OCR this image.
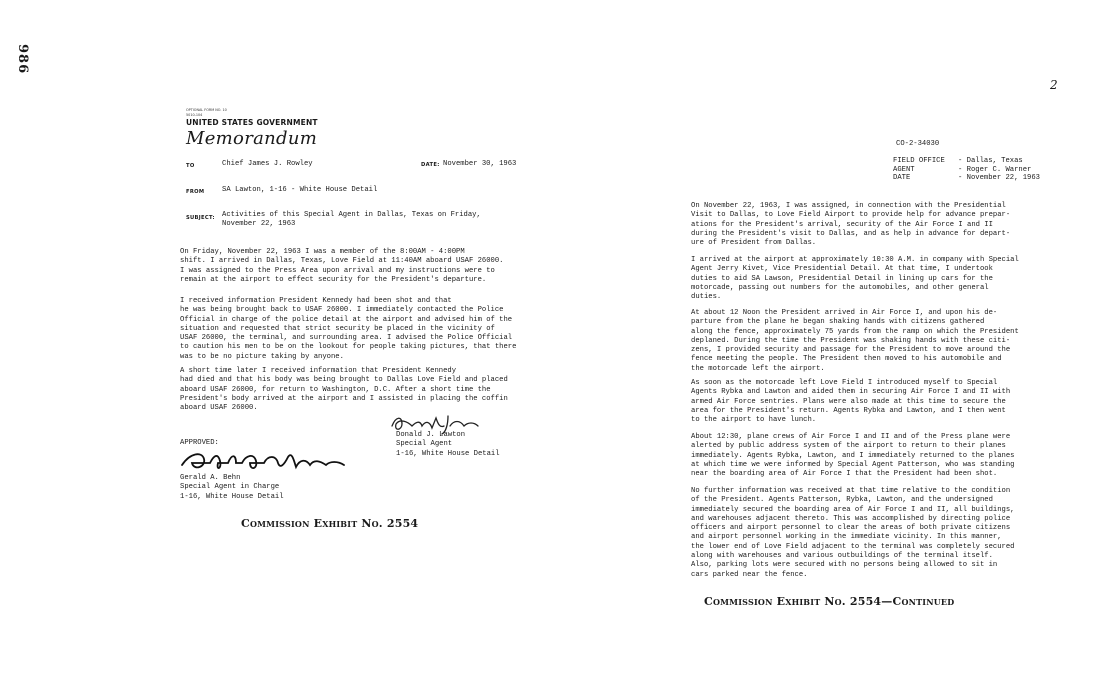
986
2
OPTIONAL FORM NO. 10
5010-104
UNITED STATES GOVERNMENT
Memorandum
TO	Chief James J. Rowley	DATE: November 30, 1963
FROM SA Lawton, 1-16 - White House Detail
SUBJECT: Activities of this Special Agent in Dallas, Texas on Friday,
November 22, 1963
On Friday, November 22, 1963 I was a member of the 8:00AM - 4:00PM
shift. I arrived in Dallas, Texas, Love Field at 11:40AM aboard USAF 26000.
I was assigned to the Press Area upon arrival and my instructions were to
remain at the airport to effect security for the President's departure.
I received information President Kennedy had been shot and that
he was being brought back to USAF 26000. I immediately contacted the Police
Official in charge of the police detail at the airport and advised him of the
situation and requested that strict security be placed in the vicinity of
USAF 26000, the terminal, and surrounding area. I advised the Police Official
to caution his men to be on the lookout for people taking pictures, that there
was to be no picture taking by anyone.
A short time later I received information that President Kennedy
had died and that his body was being brought to Dallas Love Field and placed
aboard USAF 26000, for return to Washington, D.C. After a short time the
President's body arrived at the airport and I assisted in placing the coffin
aboard USAF 26000.
Donald J. Lawton
Special Agent
1-16, White House Detail
APPROVED:
Gerald A. Behn
Special Agent in Charge
1-16, White House Detail
Commission Exhibit No. 2554
CO-2-34030
FIELD OFFICE
AGENT
DATE
- Dallas, Texas
- Roger C. Warner
- November 22, 1963
On November 22, 1963, I was assigned, in connection with the Presidential
Visit to Dallas, to Love Field Airport to provide help for advance prepar-
ations for the President's arrival, security of the Air Force I and II
during the President's visit to Dallas, and as help in advance for depart-
ure of President from Dallas.
I arrived at the airport at approximately 10:30 A.M. in company with Special
Agent Jerry Kivet, Vice Presidential Detail. At that time, I undertook
duties to aid SA Lawson, Presidential Detail in lining up cars for the
motorcade, passing out numbers for the automobiles, and other general
duties.
At about 12 Noon the President arrived in Air Force I, and upon his de-
parture from the plane he began shaking hands with citizens gathered
along the fence, approximately 75 yards from the ramp on which the President
deplaned. During the time the President was shaking hands with these citi-
zens, I provided security and passage for the President to move around the
fence meeting the people. The President then moved to his automobile and
the motorcade left the airport.
As soon as the motorcade left Love Field I introduced myself to Special
Agents Rybka and Lawton and aided them in securing Air Force I and II with
armed Air Force sentries. Plans were also made at this time to secure the
area for the President's return. Agents Rybka and Lawton, and I then went
to the airport to have lunch.
About 12:30, plane crews of Air Force I and II and of the Press plane were
alerted by public address system of the airport to return to their planes
immediately. Agents Rybka, Lawton, and I immediately returned to the planes
at which time we were informed by Special Agent Patterson, who was standing
near the boarding area of Air Force I that the President had been shot.
No further information was received at that time relative to the condition
of the President. Agents Patterson, Rybka, Lawton, and the undersigned
immediately secured the boarding area of Air Force I and II, all buildings,
and warehouses adjacent thereto. This was accomplished by directing police
officers and airport personnel to clear the areas of both private citizens
and airport personnel working in the immediate vicinity. In this manner,
the lower end of Love Field adjacent to the terminal was completely secured
along with warehouses and various outbuildings of the terminal itself.
Also, parking lots were secured with no persons being allowed to sit in
cars parked near the fence.
Commission Exhibit No. 2554—Continued
